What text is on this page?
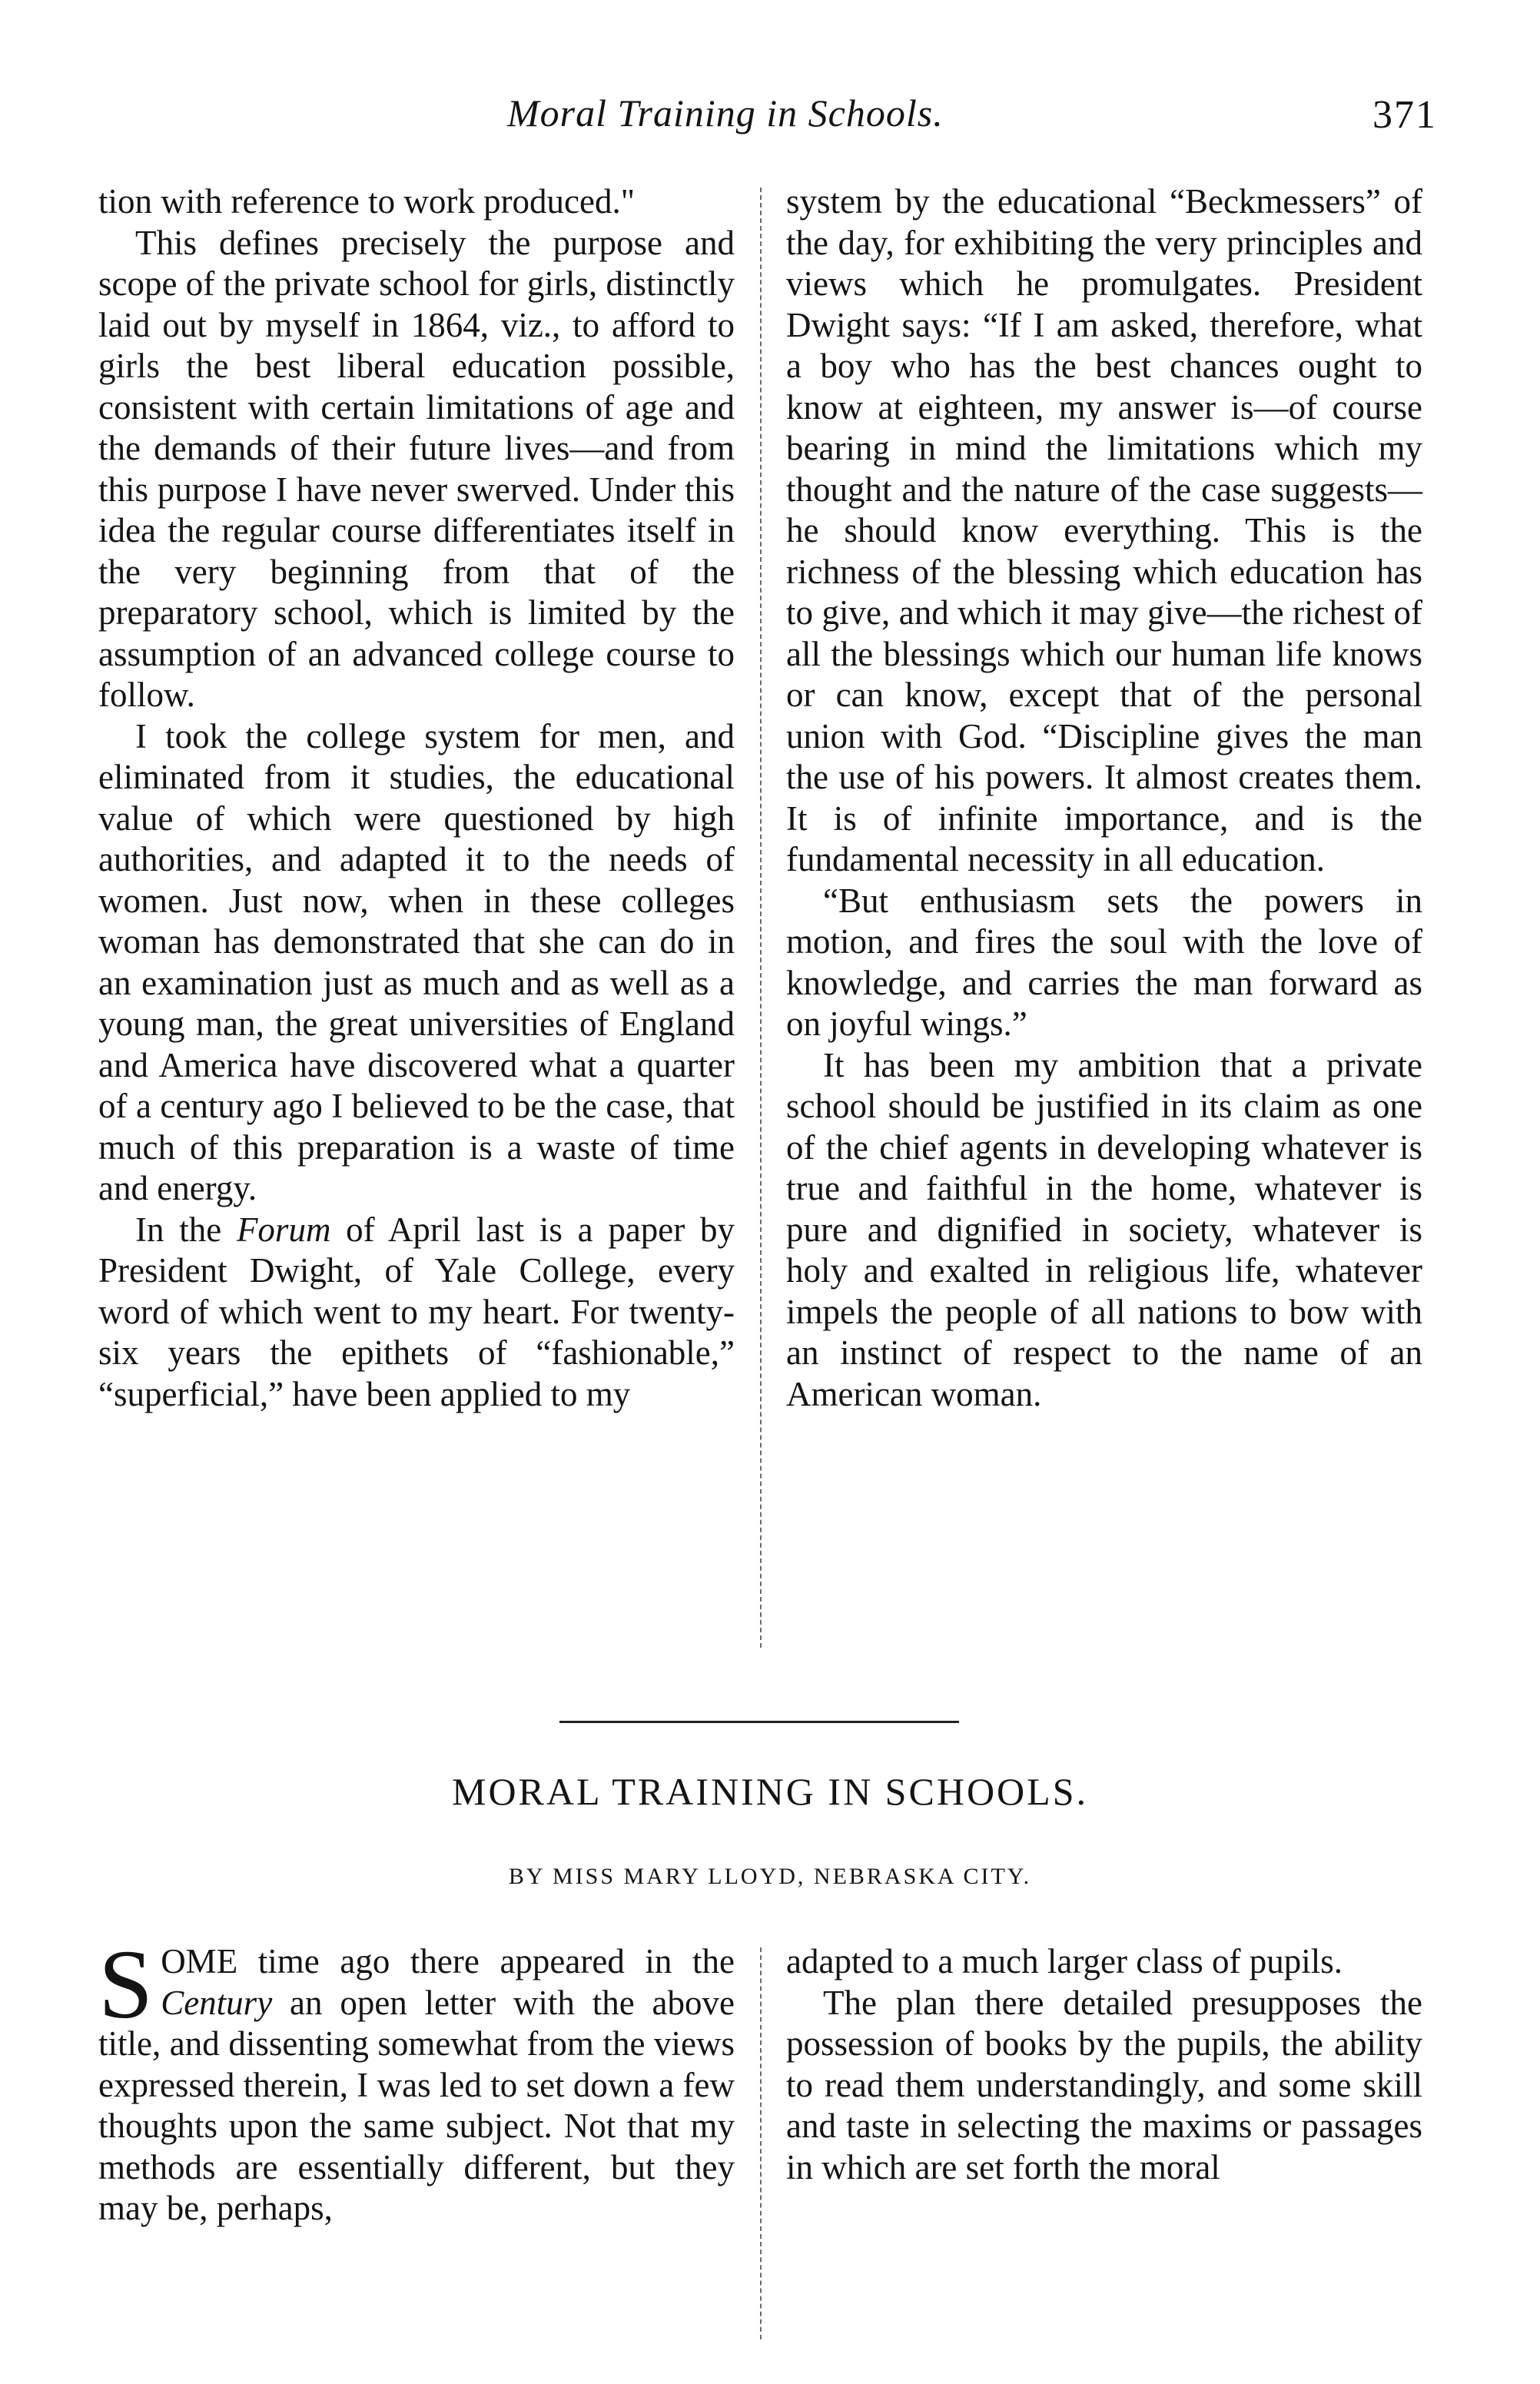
Moral Training in Schools.	371

tion with reference to work produced."

This defines precisely the purpose and scope of the private school for girls, distinctly laid out by myself in 1864, viz., to afford to girls the best liberal education possible, consistent with certain limitations of age and the demands of their future lives—and from this purpose I have never swerved. Under this idea the regular course differentiates itself in the very beginning from that of the preparatory school, which is limited by the assumption of an advanced college course to follow.

I took the college system for men, and eliminated from it studies, the educational value of which were questioned by high authorities, and adapted it to the needs of women. Just now, when in these colleges woman has demonstrated that she can do in an examination just as much and as well as a young man, the great universities of England and America have discovered what a quarter of a century ago I believed to be the case, that much of this preparation is a waste of time and energy.

In the Forum of April last is a paper by President Dwight, of Yale College, every word of which went to my heart. For twenty-six years the epithets of “fashionable,” “superficial,” have been applied to my

system by the educational “Beckmessers” of the day, for exhibiting the very principles and views which he promulgates. President Dwight says: “If I am asked, therefore, what a boy who has the best chances ought to know at eighteen, my answer is—of course bearing in mind the limitations which my thought and the nature of the case suggests—he should know everything. This is the richness of the blessing which education has to give, and which it may give—the richest of all the blessings which our human life knows or can know, except that of the personal union with God. “Discipline gives the man the use of his powers. It almost creates them. It is of infinite importance, and is the fundamental necessity in all education.

“But enthusiasm sets the powers in motion, and fires the soul with the love of knowledge, and carries the man forward as on joyful wings.”

It has been my ambition that a private school should be justified in its claim as one of the chief agents in developing whatever is true and faithful in the home, whatever is pure and dignified in society, whatever is holy and exalted in religious life, whatever impels the people of all nations to bow with an instinct of respect to the name of an American woman.

MORAL TRAINING IN SCHOOLS.
BY MISS MARY LLOYD, NEBRASKA CITY.

SOME time ago there appeared in the Century an open letter with the above title, and dissenting somewhat from the views expressed therein, I was led to set down a few thoughts upon the same subject. Not that my methods are essentially different, but they may be, perhaps,

adapted to a much larger class of pupils.

The plan there detailed presupposes the possession of books by the pupils, the ability to read them understandingly, and some skill and taste in selecting the maxims or passages in which are set forth the moral
